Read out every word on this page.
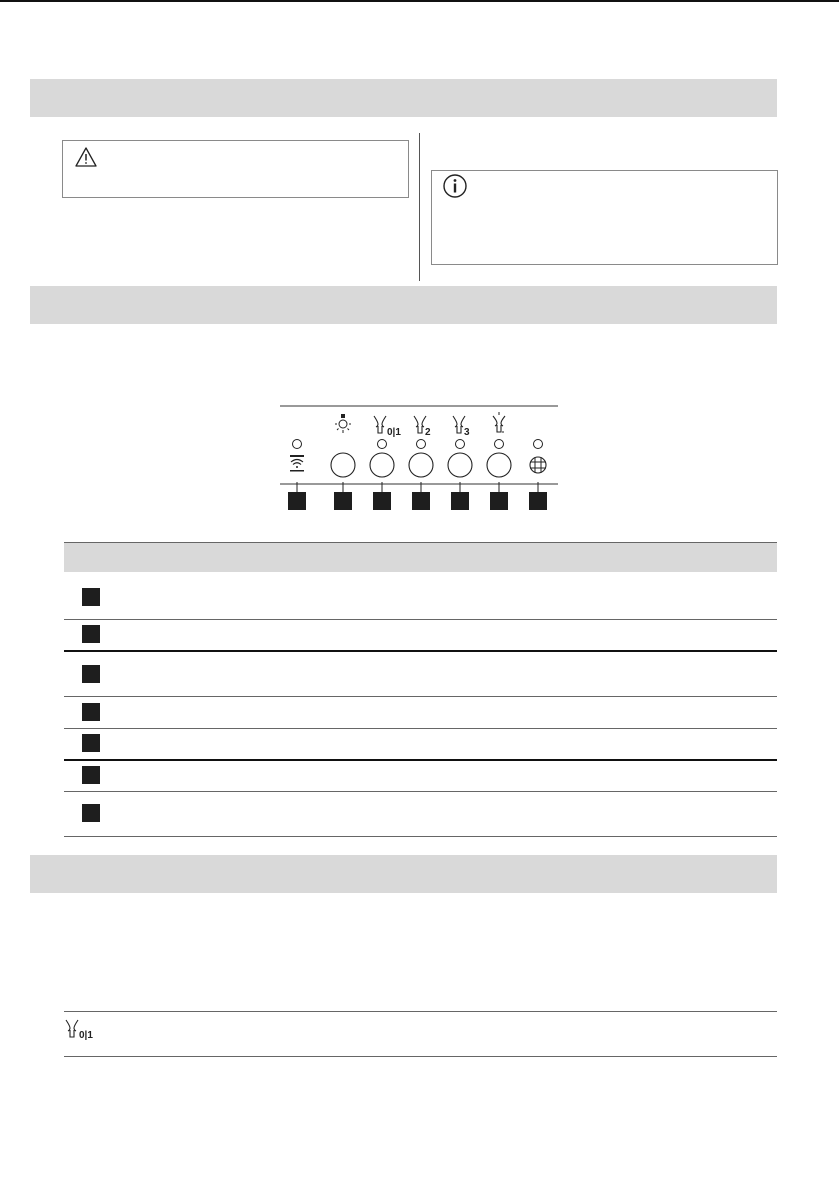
0|1 2	3
0|1
